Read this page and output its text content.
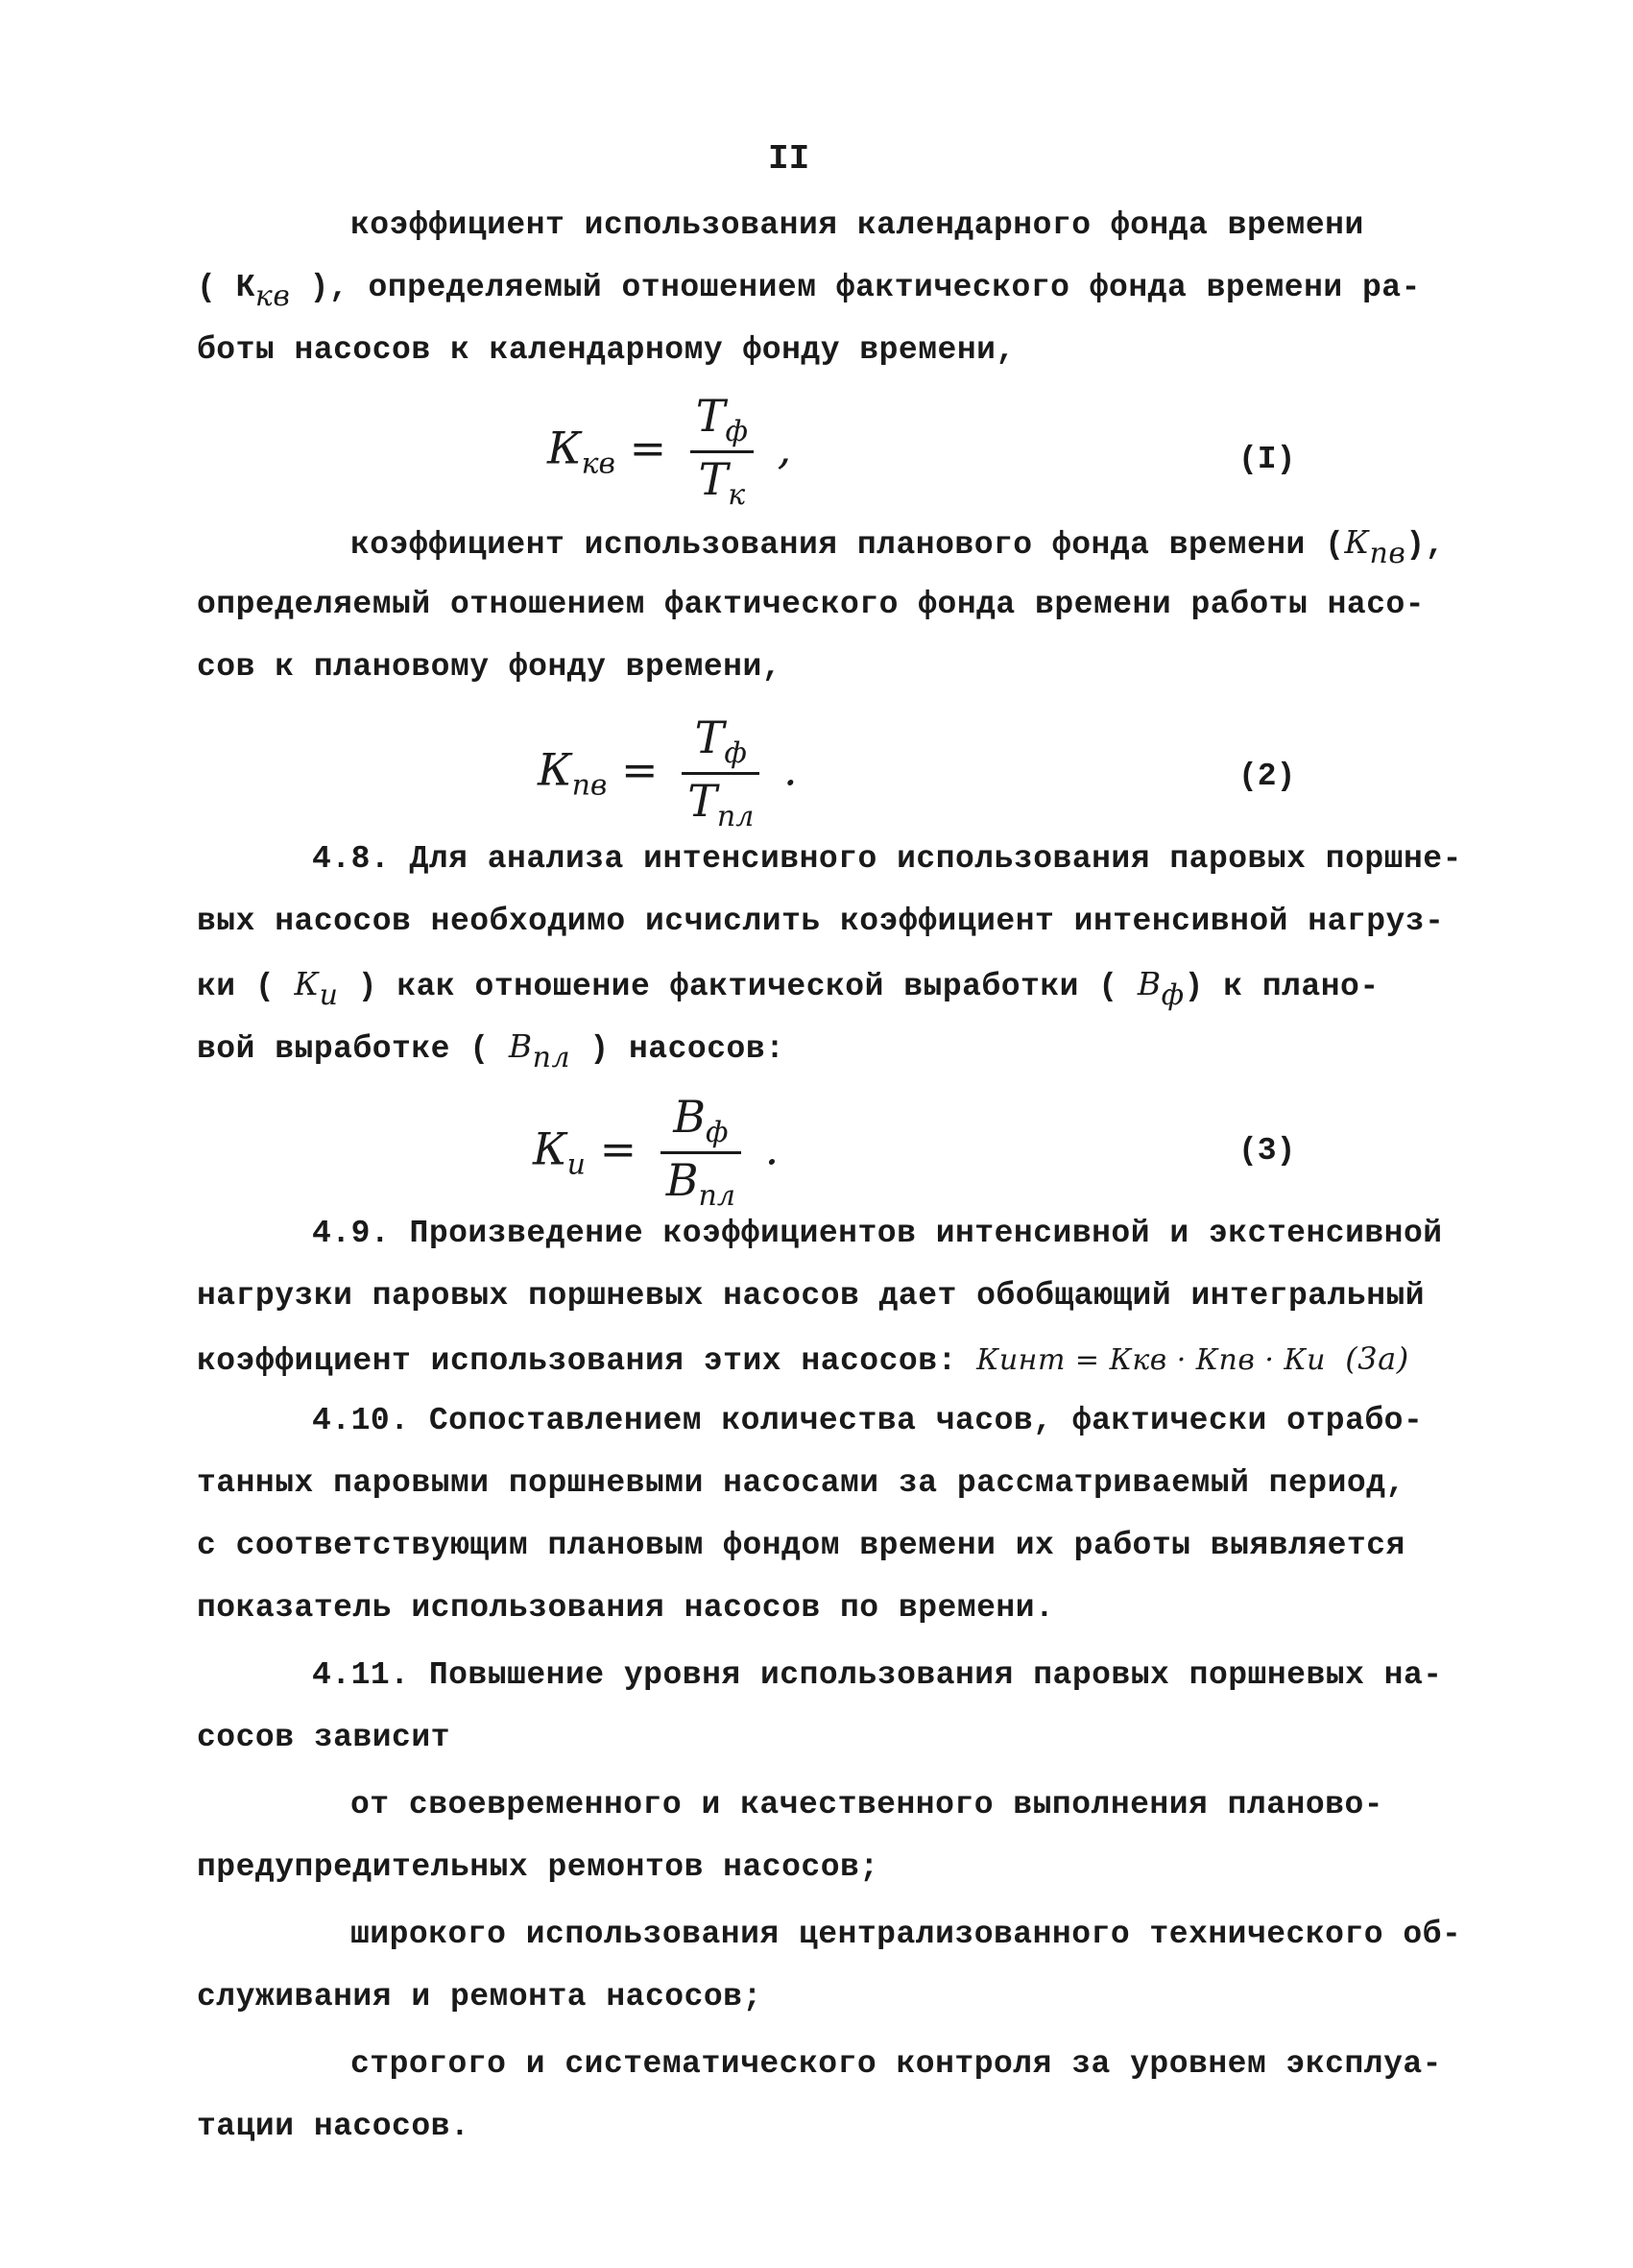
II
коэффициент использования календарного фонда времени
( Ккв ), определяемый отношением фактического фонда времени ра-
боты насосов к календарному фонду времени,
$К_{кв} = \frac{Т_ф}{Т_к}$ ,	(I)
коэффициент использования планового фонда времени (Кпв),
определяемый отношением фактического фонда времени работы насо-
сов к плановому фонду времени,
$К_{пв} = \frac{Т_ф}{Т_{пл}}$ .	(2)
4.8. Для анализа интенсивного использования паровых поршне-
вых насосов необходимо исчислить коэффициент интенсивной нагруз-
ки ( Ки ) как отношение фактической выработки ( Вф) к плано-
вой выработке ( Впл ) насосов:
$К_и = \frac{В_ф}{В_{пл}}$ .	(3)
4.9. Произведение коэффициентов интенсивной и экстенсивной
нагрузки паровых поршневых насосов дает обобщающий интегральный
коэффициент использования этих насосов: Кинт = Ккв · Кпв · Ки (3а)
4.10. Сопоставлением количества часов, фактически отрабо-
танных паровыми поршневыми насосами за рассматриваемый период,
с соответствующим плановым фондом времени их работы выявляется
показатель использования насосов по времени.
4.11. Повышение уровня использования паровых поршневых на-
сосов зависит
от своевременного и качественного выполнения планово-
предупредительных ремонтов насосов;
широкого использования централизованного технического об-
служивания и ремонта насосов;
строгого и систематического контроля за уровнем эксплуа-
тации насосов.
